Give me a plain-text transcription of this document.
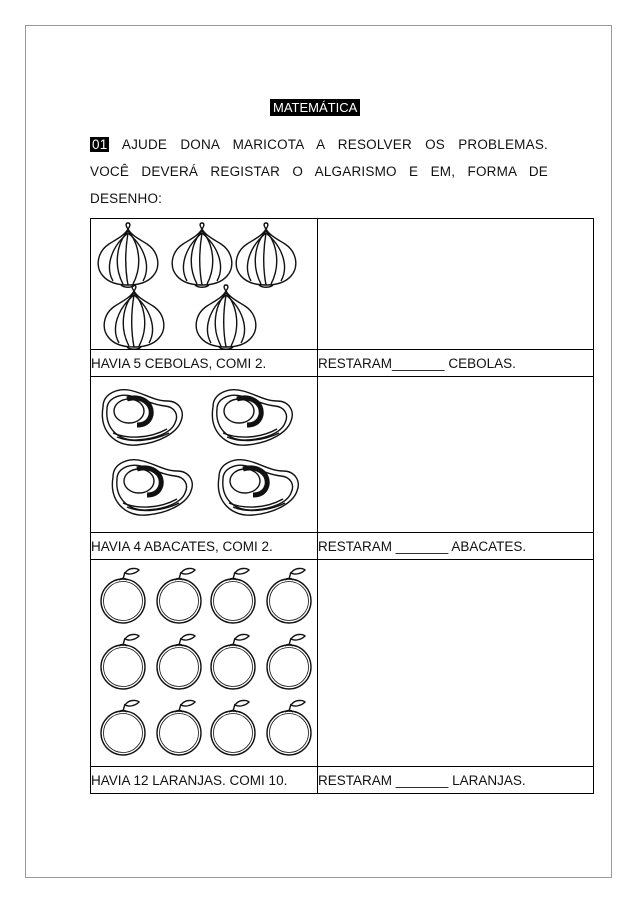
MATEMÁTICA
01 AJUDE DONA MARICOTA A RESOLVER OS PROBLEMAS.
VOCÊ DEVERÁ REGISTAR O ALGARISMO E EM, FORMA DE
DESENHO:

HAVIA 5 CEBOLAS, COMI 2.	RESTARAM_______ CEBOLAS.

HAVIA 4 ABACATES, COMI 2.	RESTARAM _______ ABACATES.

HAVIA 12 LARANJAS. COMI 10.	RESTARAM _______ LARANJAS.
